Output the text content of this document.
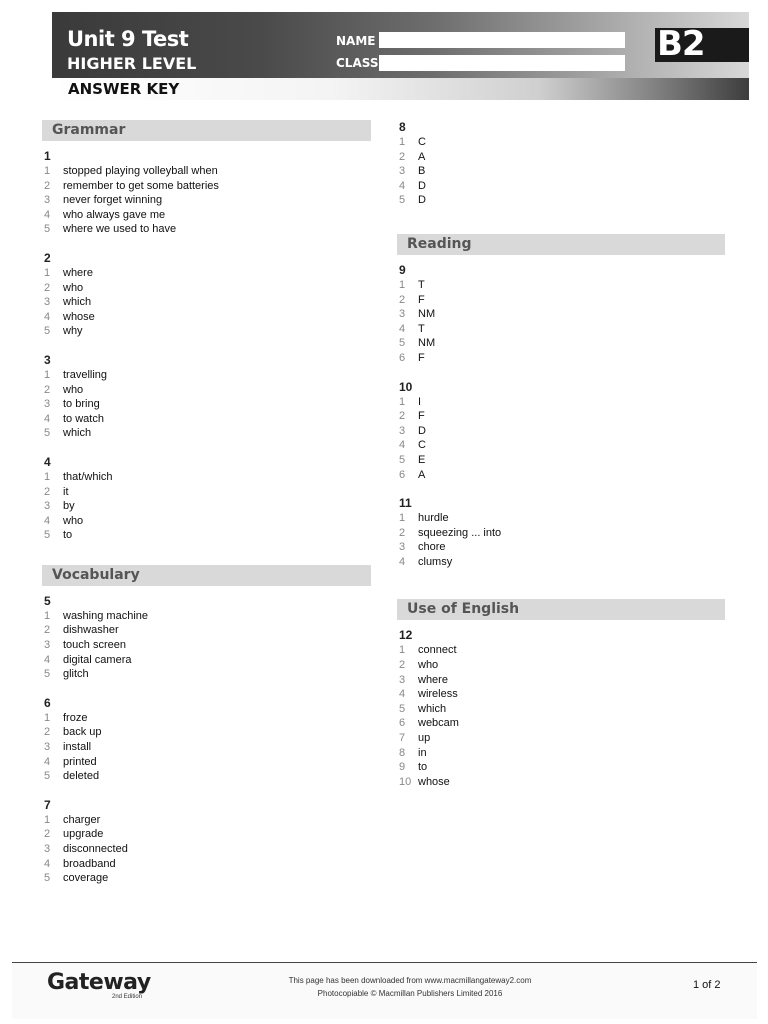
Unit 9 Test
HIGHER LEVEL
NAME
CLASS	B2
ANSWER KEY
Grammar
1
1	stopped playing volleyball when
2	remember to get some batteries
3	never forget winning
4	who always gave me
5	where we used to have
2
1	where
2	who
3	which
4	whose
5	why
3
1	travelling
2	who
3	to bring
4	to watch
5	which
4
1	that/which
2	it
3	by
4	who
5	to
Vocabulary
5
1	washing machine
2	dishwasher
3	touch screen
4	digital camera
5	glitch
6
1	froze
2	back up
3	install
4	printed
5	deleted
7
1	charger
2	upgrade
3	disconnected
4	broadband
5	coverage
8
1	C
2	A
3	B
4	D
5	D
Reading
9
1	T
2	F
3	NM
4	T
5	NM
6	F
10
1	I
2	F
3	D
4	C
5	E
6	A
11
1	hurdle
2	squeezing ... into
3	chore
4	clumsy
Use of English
12
1	connect
2	who
3	where
4	wireless
5	which
6	webcam
7	up
8	in
9	to
10 whose
Gateway
2nd Edition
This page has been downloaded from www.macmillangateway2.com
Photocopiable © Macmillan Publishers Limited 2016
1 of 2
